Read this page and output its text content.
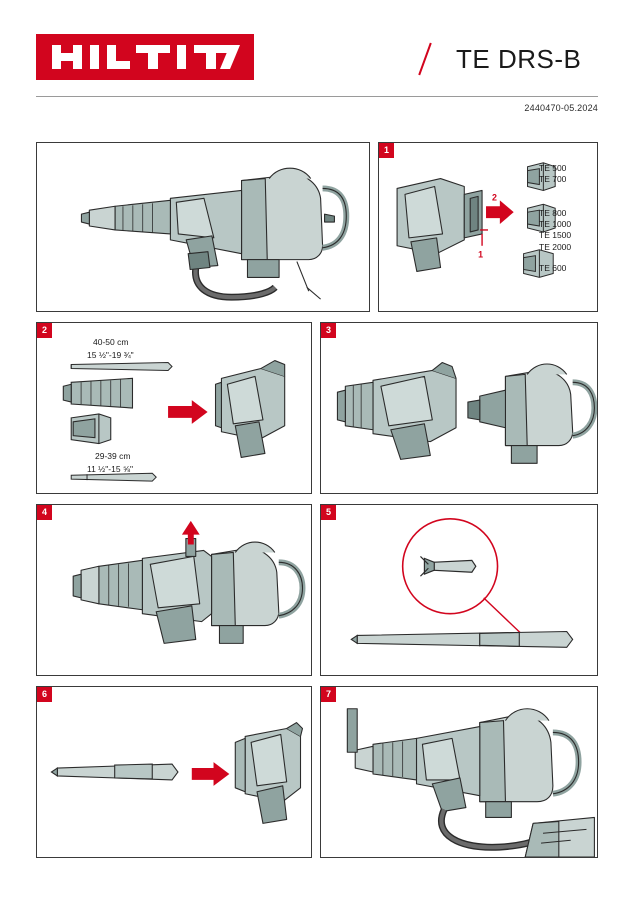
TE DRS-B
2440470-05.2024
1
2
1
TE 500
TE 700
TE 800
TE 1000
TE 1500
TE 2000
TE 600
2
40-50 cm
15 ½"-19 ¾"
29-39 cm
11 ½"-15 ⅝"
3
4	5
6	7
